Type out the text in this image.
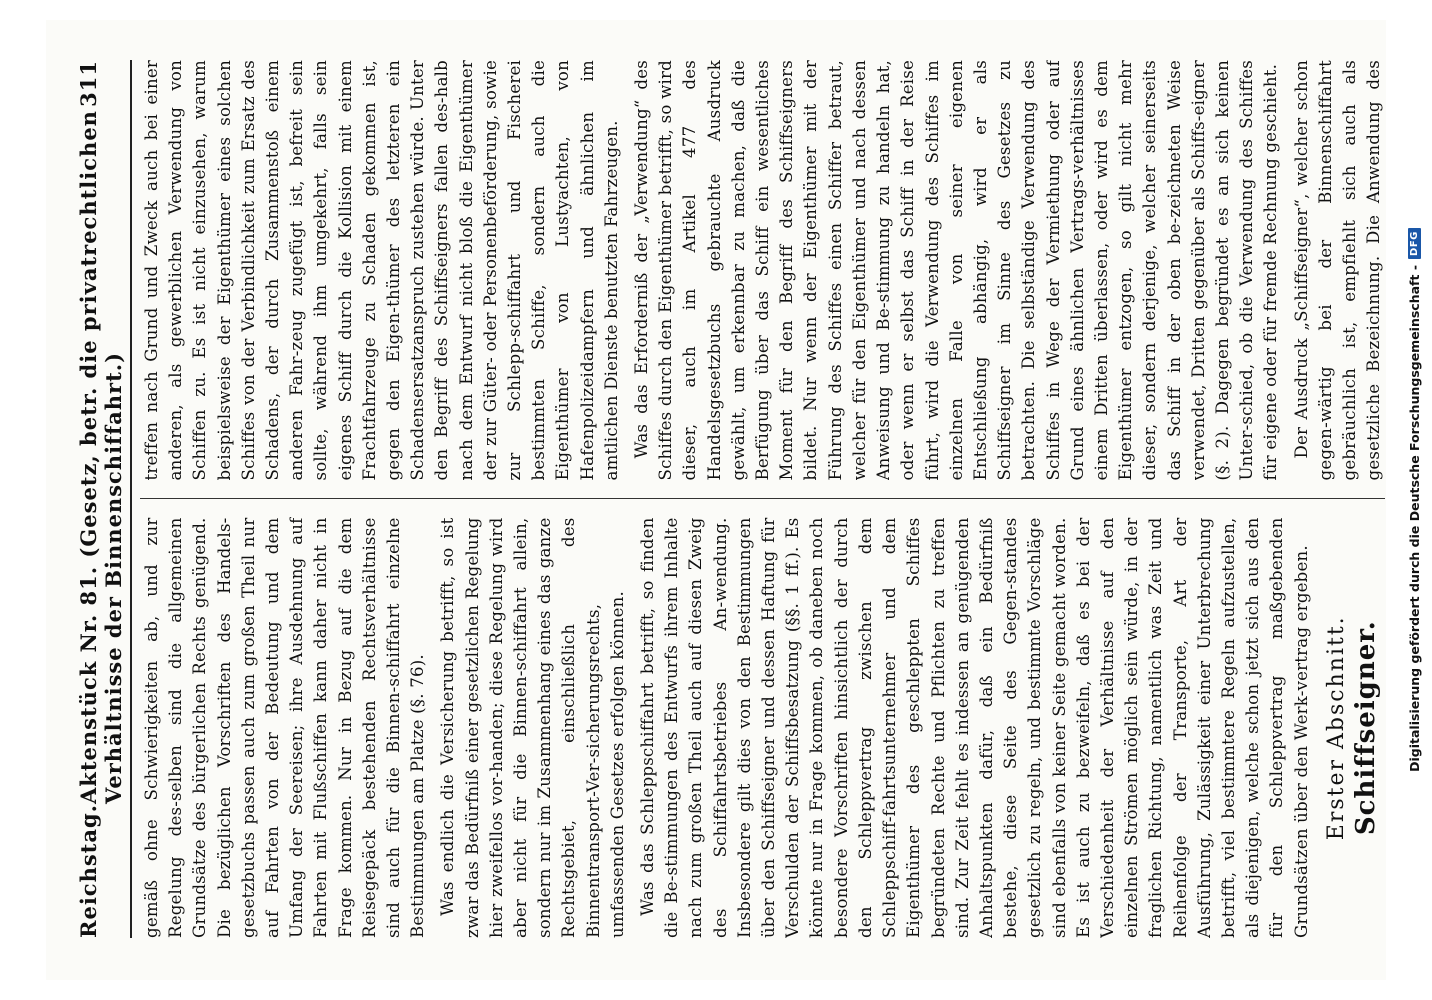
Reichstag.
Aktenstück Nr. 81. (Gesetz, betr. die privatrechtlichen Verhältnisse der Binnenschiffahrt.)
311

gemäß ohne Schwierigkeiten ab, und zur Regelung des-selben sind die allgemeinen Grundsätze des bürgerlichen Rechts genügend. Die bezüglichen Vorschriften des Handels-gesetzbuchs passen auch zum großen Theil nur auf Fahrten von der Bedeutung und dem Umfang der Seereisen; ihre Ausdehnung auf Fahrten mit Flußschiffen kann daher nicht in Frage kommen. Nur in Bezug auf die dem Reisegepäck bestehenden Rechtsverhältnisse sind auch für die Binnen-schiffahrt einzelne Bestimmungen am Platze (§. 76). Was endlich die Versicherung betrifft, so ist zwar das Bedürfniß einer gesetzlichen Regelung hier zweifellos vor-handen; diese Regelung wird aber nicht für die Binnen-schiffahrt allein, sondern nur im Zusammenhang eines das ganze Rechtsgebiet, einschließlich des Binnentransport-Ver-sicherungsrechts, umfassenden Gesetzes erfolgen können. Was das Schleppschiffahrt betrifft, so finden die Be-stimmungen des Entwurfs ihrem Inhalte nach zum großen Theil auch auf diesen Zweig des Schiffahrtsbetriebes An-wendung. Insbesondere gilt dies von den Bestimmungen über den Schiffseigner und dessen Haftung für Verschulden der Schiffsbesatzung (§§. 1 ff.). Es könnte nur in Frage kommen, ob daneben noch besondere Vorschriften hinsichtlich der durch den Schleppvertrag zwischen dem Schleppschiff-fahrtsunternehmer und dem Eigenthümer des geschleppten Schiffes begründeten Rechte und Pflichten zu treffen sind. Zur Zeit fehlt es indessen an genügenden Anhaltspunkten dafür, daß ein Bedürfniß bestehe, diese Seite des Gegen-standes gesetzlich zu regeln, und bestimmte Vorschläge sind ebenfalls von keiner Seite gemacht worden. Es ist auch zu bezweifeln, daß es bei der Verschiedenheit der Verhältnisse auf den einzelnen Strömen möglich sein würde, in der fraglichen Richtung, namentlich was Zeit und Reihenfolge der Transporte, Art der Ausführung, Zulässigkeit einer Unterbrechung betrifft, viel bestimmtere Regeln aufzustellen, als diejenigen, welche schon jetzt sich aus den für den Schleppvertrag maßgebenden Grundsätzen über den Werk-vertrag ergeben. Erster Abschnitt. Schiffseigner.

treffen nach Grund und Zweck auch bei einer anderen, als gewerblichen Verwendung von Schiffen zu. Es ist nicht einzusehen, warum beispielsweise der Eigenthümer eines solchen Schiffes von der Verbindlichkeit zum Ersatz des Schadens, der durch Zusammenstoß einem anderen Fahr-zeug zugefügt ist, befreit sein sollte, während ihm umgekehrt, falls sein eigenes Schiff durch die Kollision mit einem Frachtfahrzeuge zu Schaden gekommen ist, gegen den Eigen-thümer des letzteren ein Schadensersatzanspruch zustehen würde. Unter den Begriff des Schiffseigners fallen des-halb nach dem Entwurf nicht bloß die Eigenthümer der zur Güter- oder Personenbeförderung, sowie zur Schlepp-schiffahrt und Fischerei bestimmten Schiffe, sondern auch die Eigenthümer von Lustyachten, von Hafenpolizeidampfern und ähnlichen im amtlichen Dienste benutzten Fahrzeugen. Was das Erforderniß der „Verwendung“ des Schiffes durch den Eigenthümer betrifft, so wird dieser, auch im Artikel 477 des Handelsgesetzbuchs gebrauchte Ausdruck gewählt, um erkennbar zu machen, daß die Berfügung über das Schiff ein wesentliches Moment für den Begriff des Schiffseigners bildet. Nur wenn der Eigenthümer mit der Führung des Schiffes einen Schiffer betraut, welcher für den Eigenthümer und nach dessen Anweisung und Be-stimmung zu handeln hat, oder wenn er selbst das Schiff in der Reise führt, wird die Verwendung des Schiffes im einzelnen Falle von seiner eigenen Entschließung abhängig, wird er als Schiffseigner im Sinne des Gesetzes zu betrachten. Die selbständige Verwendung des Schiffes in Wege der Vermiethung oder auf Grund eines ähnlichen Vertrags-verhältnisses einem Dritten überlassen, oder wird es dem Eigenthümer entzogen, so gilt nicht mehr dieser, sondern derjenige, welcher seinerseits das Schiff in der oben be-zeichneten Weise verwendet, Dritten gegenüber als Schiffs-eigner (§. 2). Dagegen begründet es an sich keinen Unter-schied, ob die Verwendung des Schiffes für eigene oder für fremde Rechnung geschieht. Der Ausdruck „Schiffseigner“, welcher schon gegen-wärtig bei der Binnenschiffahrt gebräuchlich ist, empfiehlt sich auch als gesetzliche Bezeichnung. Die Anwendung des

Digitalisierung gefördert durch die Deutsche Forschungsgemeinschaft -
DFG
